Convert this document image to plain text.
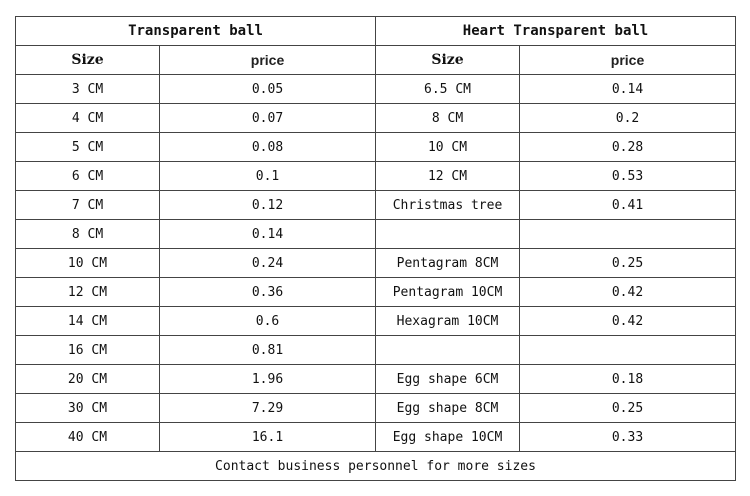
Transparent ball		Heart Transparent ball	
Size	price	Size	price
3 CM	0.05	6.5 CM	0.14
4 CM	0.07	8 CM	0.2
5 CM	0.08	10 CM	0.28
6 CM	0.1	12 CM	0.53
7 CM	0.12	Christmas tree	0.41
8 CM	0.14		
10 CM	0.24	Pentagram 8CM	0.25
12 CM	0.36	Pentagram 10CM	0.42
14 CM	0.6	Hexagram 10CM	0.42
16 CM	0.81		
20 CM	1.96	Egg shape 6CM	0.18
30 CM	7.29	Egg shape 8CM	0.25
40 CM	16.1	Egg shape 10CM	0.33
Contact business personnel for more sizes			
